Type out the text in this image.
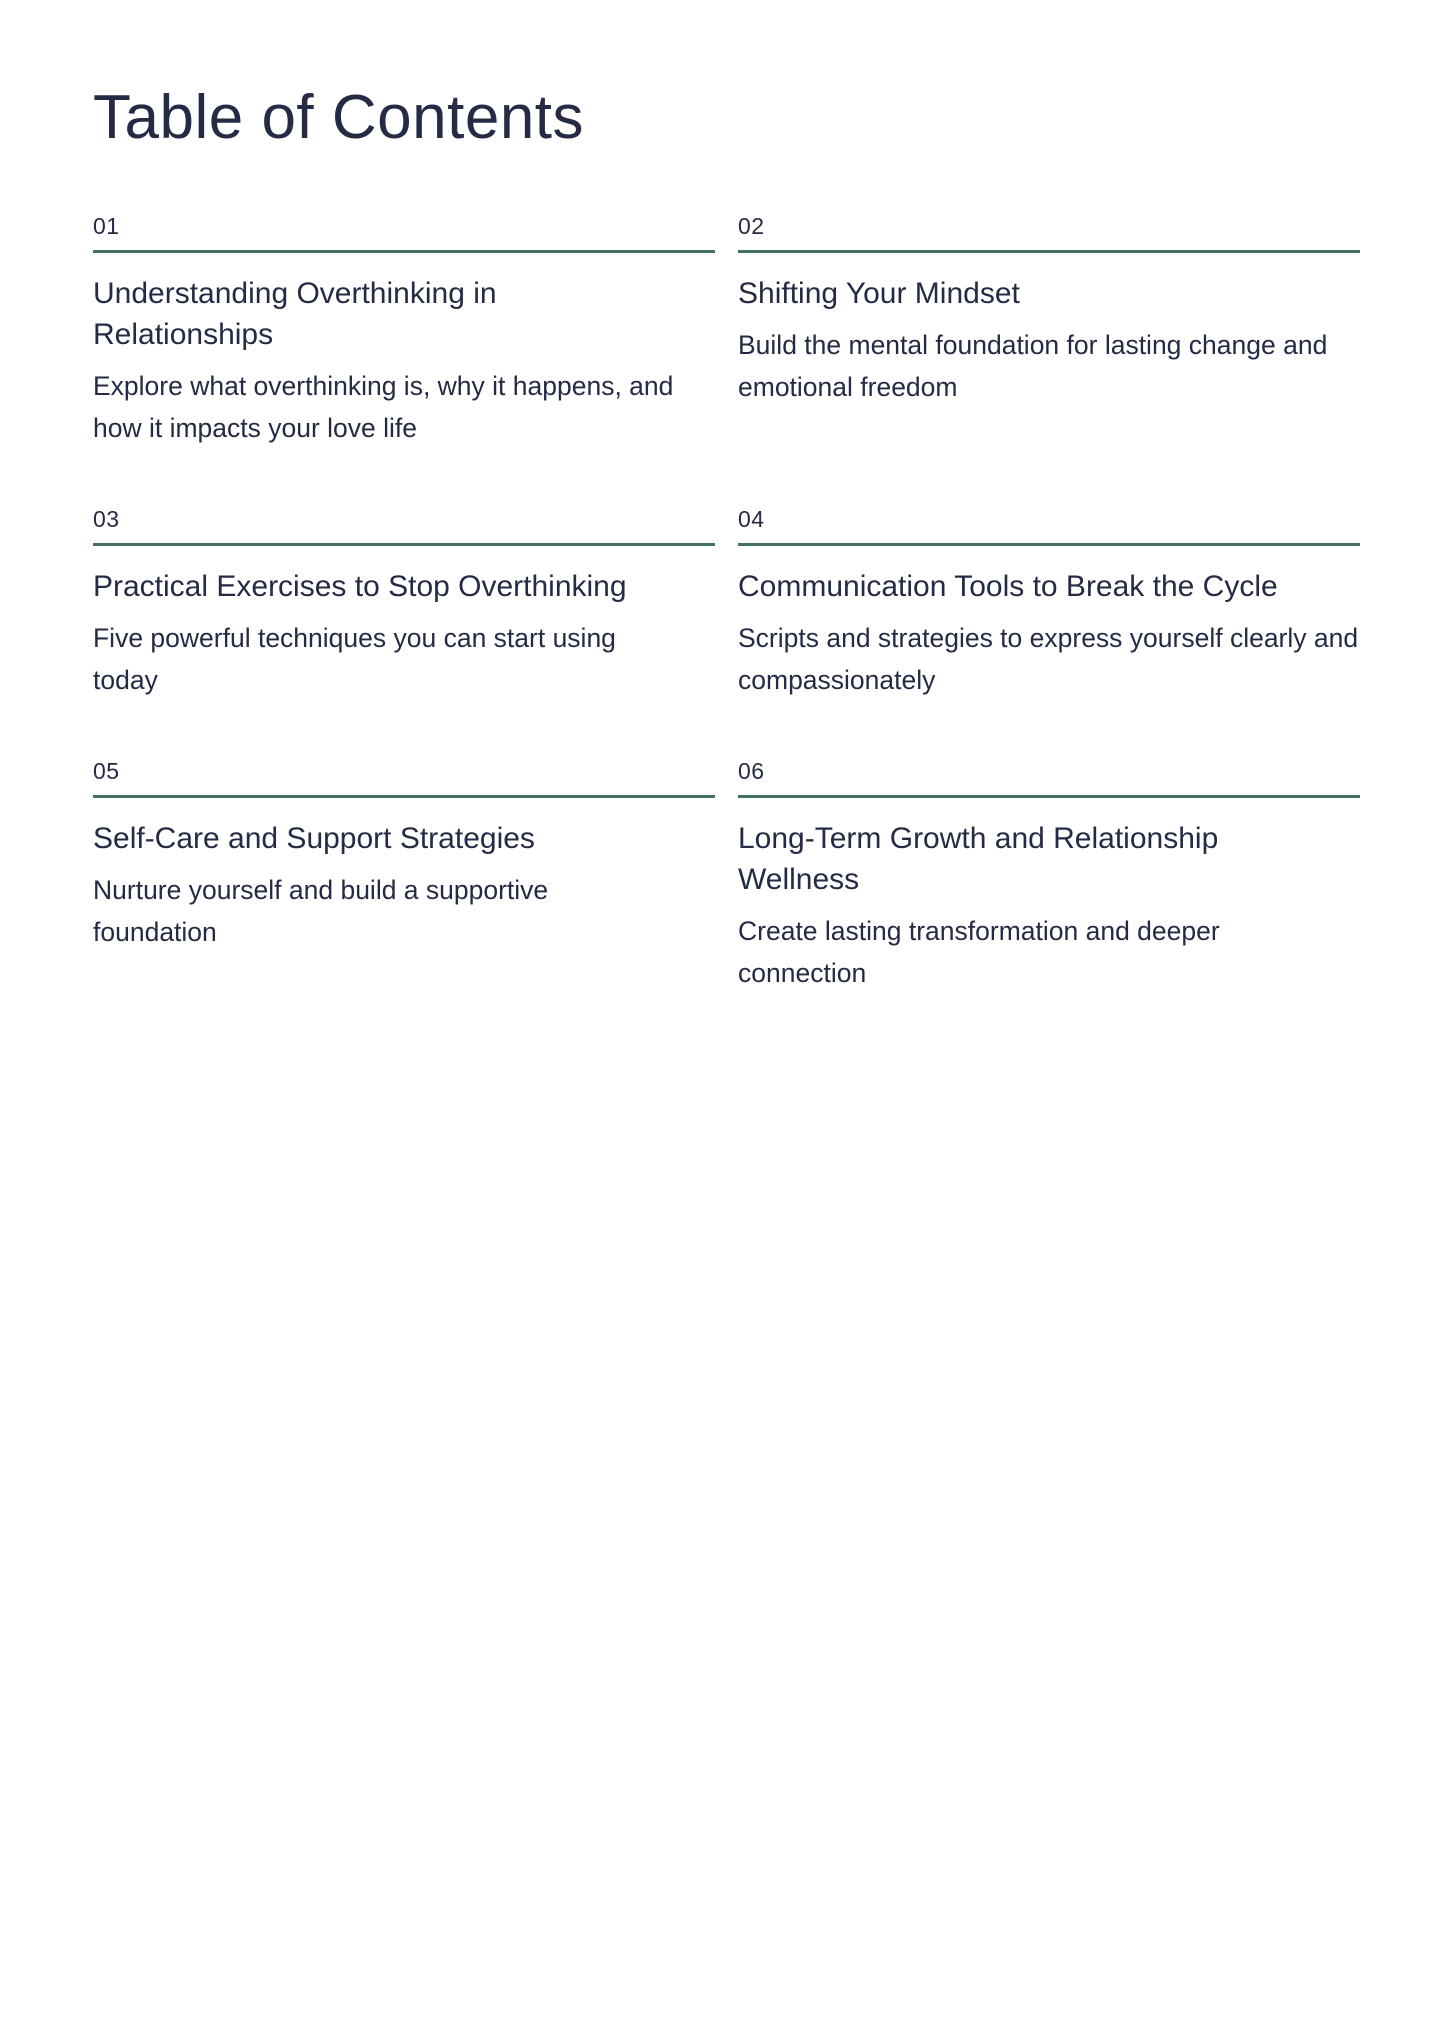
Table of Contents
01
Understanding Overthinking in Relationships
Explore what overthinking is, why it happens, and how it impacts your love life
02
Shifting Your Mindset
Build the mental foundation for lasting change and emotional freedom
03
Practical Exercises to Stop Overthinking
Five powerful techniques you can start using today
04
Communication Tools to Break the Cycle
Scripts and strategies to express yourself clearly and compassionately
05
Self-Care and Support Strategies
Nurture yourself and build a supportive foundation
06
Long-Term Growth and Relationship Wellness
Create lasting transformation and deeper connection
